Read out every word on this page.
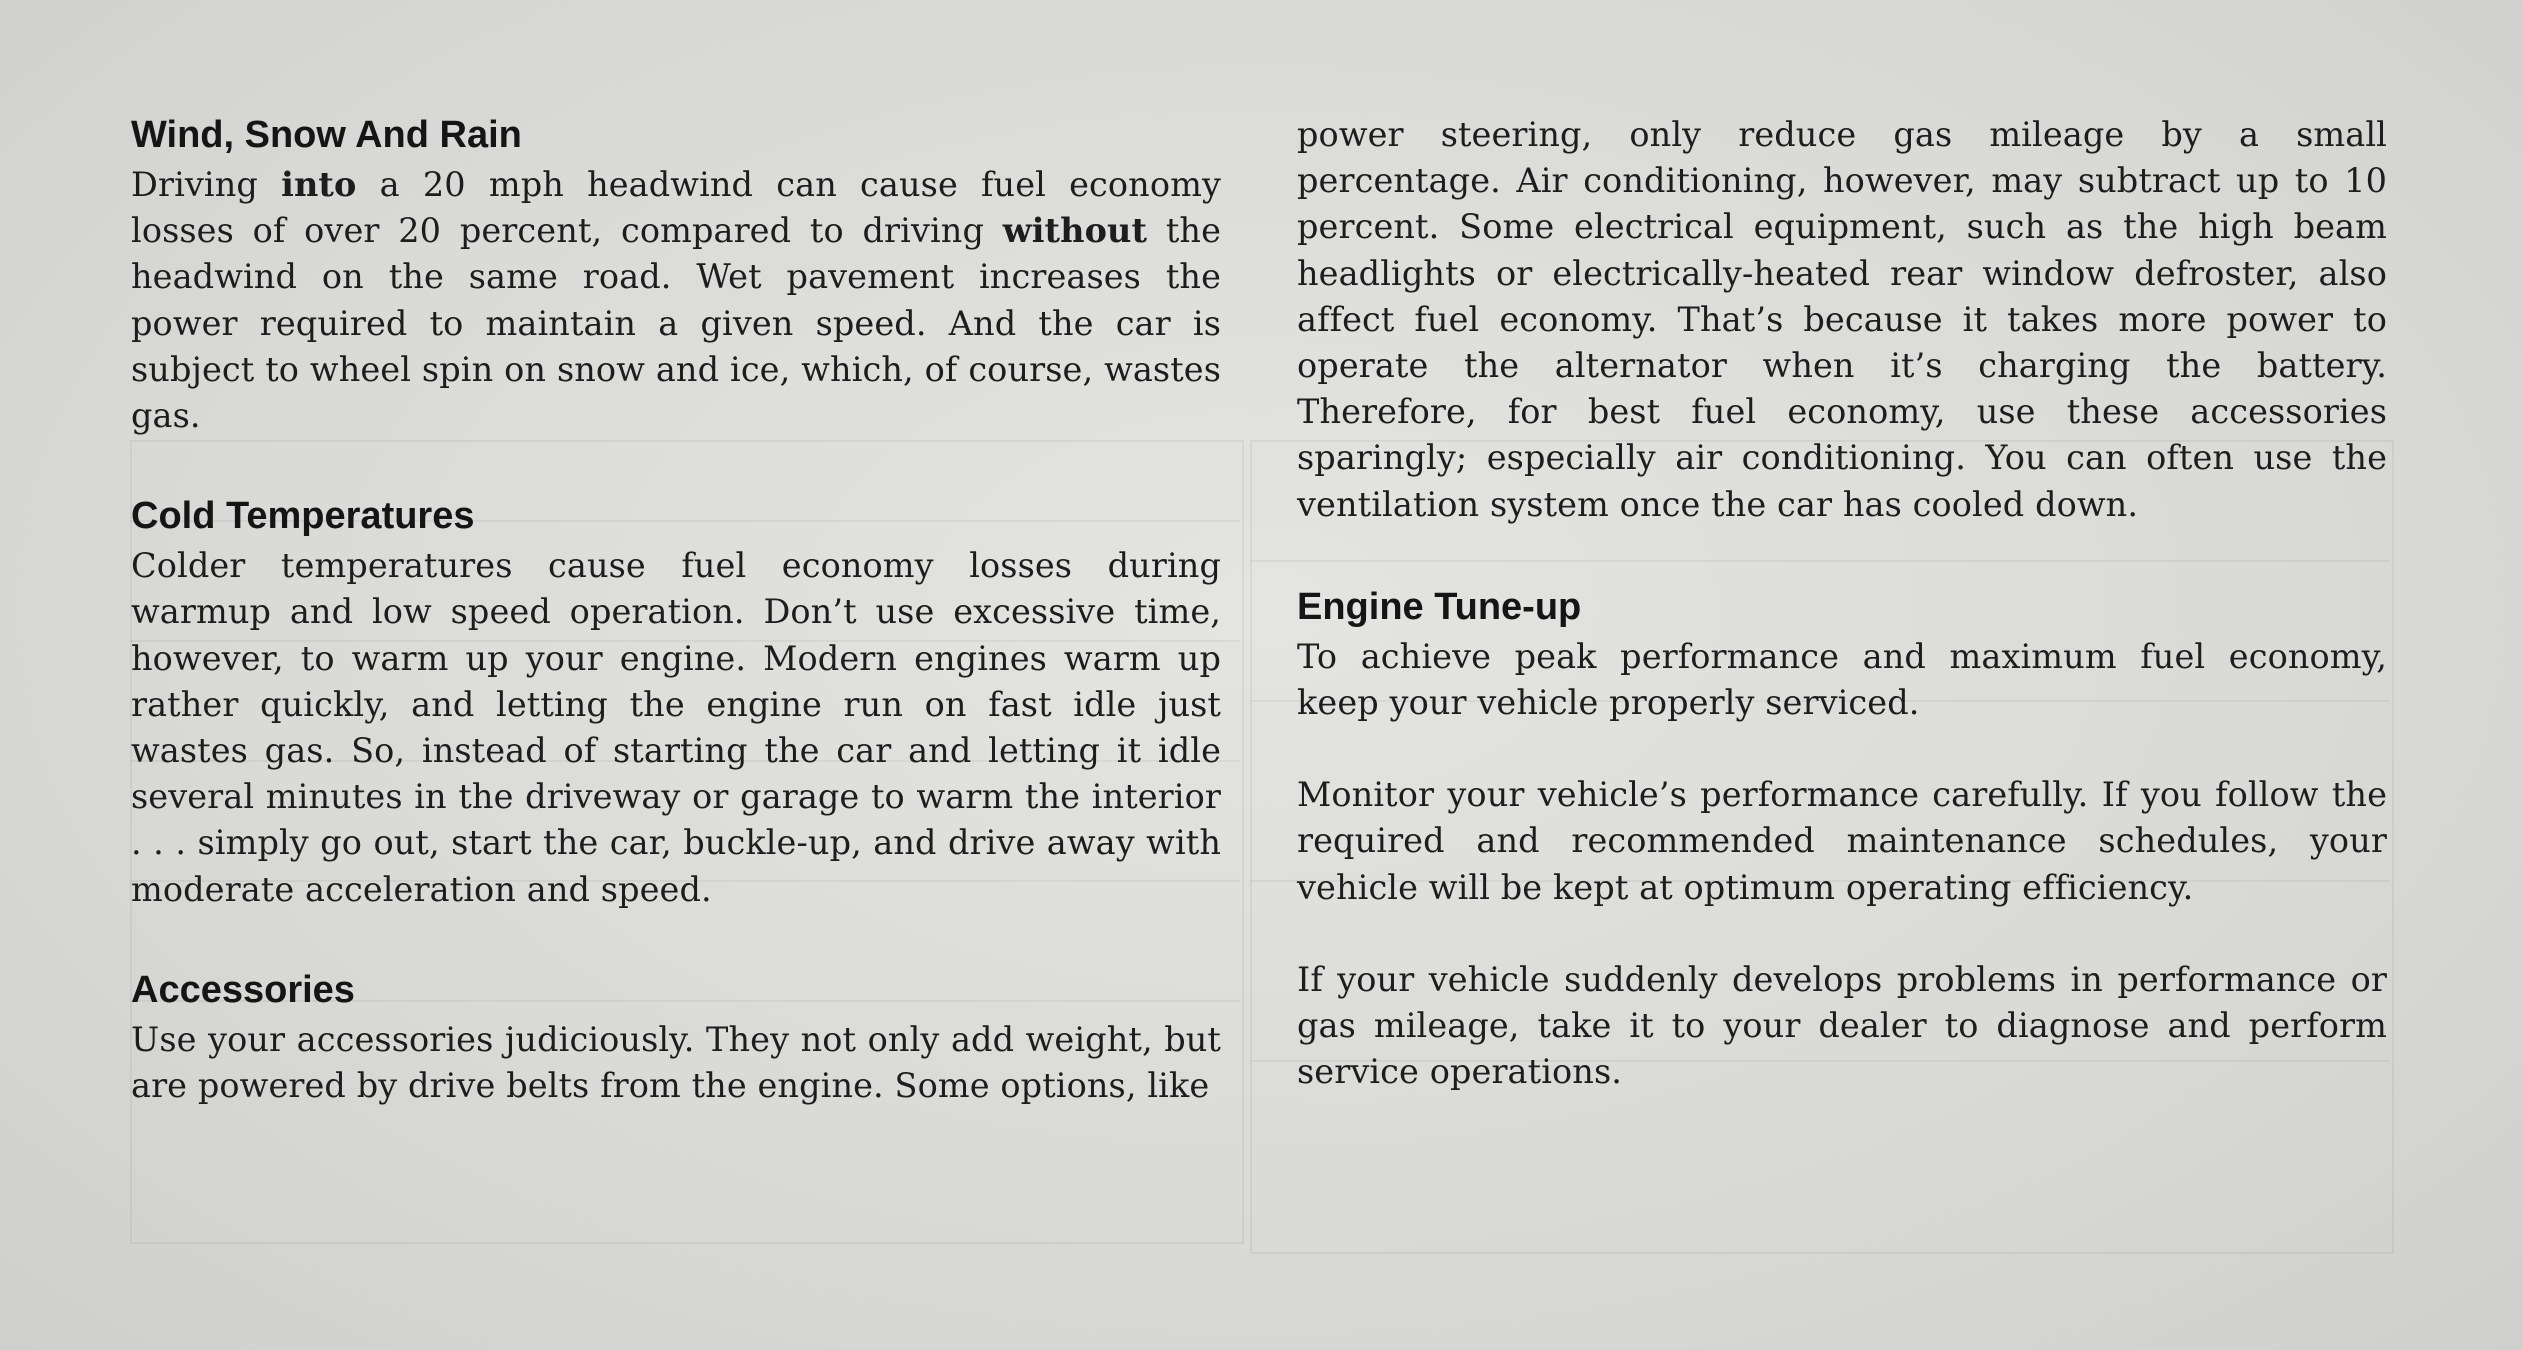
Wind, Snow And Rain

Driving into a 20 mph headwind can cause fuel economy losses of over 20 percent, compared to driving without the headwind on the same road. Wet pavement increases the power required to maintain a given speed. And the car is subject to wheel spin on snow and ice, which, of course, wastes gas.

Cold Temperatures

Colder temperatures cause fuel economy losses during warmup and low speed operation. Don’t use excessive time, however, to warm up your engine. Modern engines warm up rather quickly, and letting the engine run on fast idle just wastes gas. So, instead of starting the car and letting it idle several minutes in the driveway or garage to warm the interior . . . simply go out, start the car, buckle-up, and drive away with moderate acceleration and speed.

Accessories

Use your accessories judiciously. They not only add weight, but are powered by drive belts from the engine. Some options, like

power steering, only reduce gas mileage by a small percentage. Air conditioning, however, may subtract up to 10 percent. Some electrical equipment, such as the high beam headlights or electrically-heated rear window defroster, also affect fuel economy. That’s because it takes more power to operate the alternator when it’s charging the battery. Therefore, for best fuel economy, use these accessories sparingly; especially air conditioning. You can often use the ventilation system once the car has cooled down.

Engine Tune-up

To achieve peak performance and maximum fuel economy, keep your vehicle properly serviced.

Monitor your vehicle’s performance carefully. If you follow the required and recommended maintenance schedules, your vehicle will be kept at optimum operating efficiency.

If your vehicle suddenly develops problems in performance or gas mileage, take it to your dealer to diagnose and perform service operations.
